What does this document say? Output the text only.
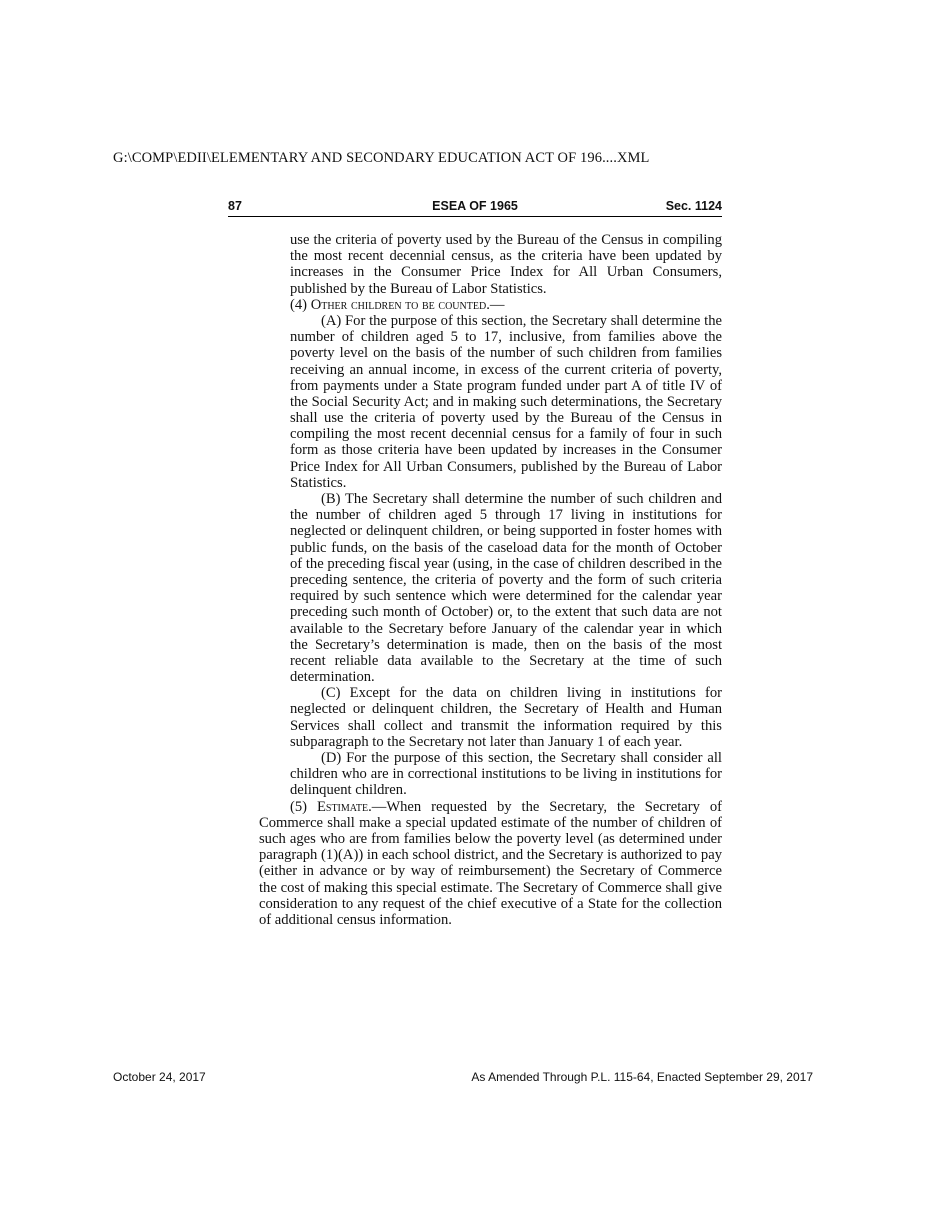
G:\COMP\EDII\ELEMENTARY AND SECONDARY EDUCATION ACT OF 196....XML
87	ESEA OF 1965	Sec. 1124

use the criteria of poverty used by the Bureau of the Census in compiling the most recent decennial census, as the criteria have been updated by increases in the Consumer Price Index for All Urban Consumers, published by the Bureau of Labor Statistics.

(4) Other children to be counted.—

(A) For the purpose of this section, the Secretary shall determine the number of children aged 5 to 17, inclusive, from families above the poverty level on the basis of the number of such children from families receiving an annual income, in excess of the current criteria of poverty, from payments under a State program funded under part A of title IV of the Social Security Act; and in making such determinations, the Secretary shall use the criteria of poverty used by the Bureau of the Census in compiling the most recent decennial census for a family of four in such form as those criteria have been updated by increases in the Consumer Price Index for All Urban Consumers, published by the Bureau of Labor Statistics.

(B) The Secretary shall determine the number of such children and the number of children aged 5 through 17 living in institutions for neglected or delinquent children, or being supported in foster homes with public funds, on the basis of the caseload data for the month of October of the preceding fiscal year (using, in the case of children described in the preceding sentence, the criteria of poverty and the form of such criteria required by such sentence which were determined for the calendar year preceding such month of October) or, to the extent that such data are not available to the Secretary before January of the calendar year in which the Secretary’s determination is made, then on the basis of the most recent reliable data available to the Secretary at the time of such determination.

(C) Except for the data on children living in institutions for neglected or delinquent children, the Secretary of Health and Human Services shall collect and transmit the information required by this subparagraph to the Secretary not later than January 1 of each year.

(D) For the purpose of this section, the Secretary shall consider all children who are in correctional institutions to be living in institutions for delinquent children.

(5) Estimate.—When requested by the Secretary, the Secretary of Commerce shall make a special updated estimate of the number of children of such ages who are from families below the poverty level (as determined under paragraph (1)(A)) in each school district, and the Secretary is authorized to pay (either in advance or by way of reimbursement) the Secretary of Commerce the cost of making this special estimate. The Secretary of Commerce shall give consideration to any request of the chief executive of a State for the collection of additional census information.

October 24, 2017	As Amended Through P.L. 115-64, Enacted September 29, 2017
